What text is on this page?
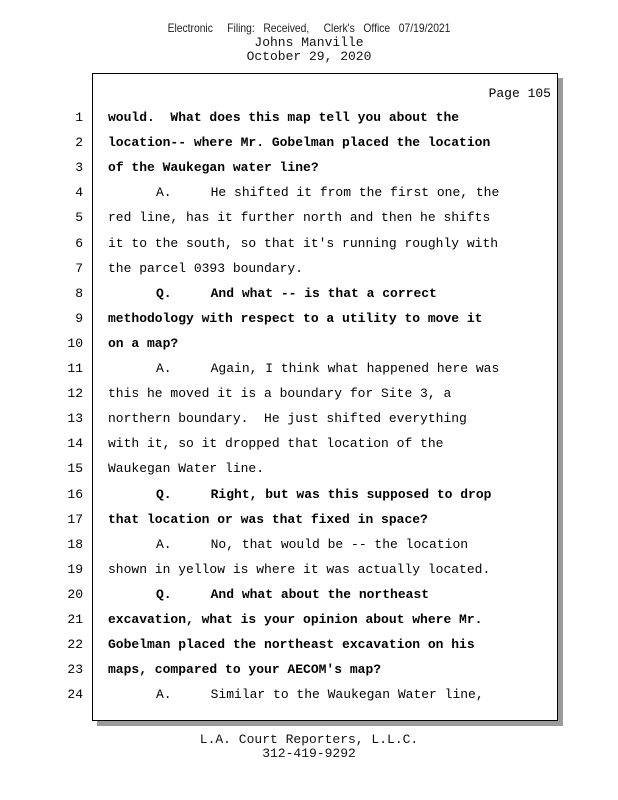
Electronic     Filing:   Received,     Clerk's   Office   07/19/2021
Johns Manville
October 29, 2020
Page 105
1 would.  What does this map tell you about the
2 location-- where Mr. Gobelman placed the location
3 of the Waukegan water line?
4	A.     He shifted it from the first one, the
5 red line, has it further north and then he shifts
6 it to the south, so that it's running roughly with
7 the parcel 0393 boundary.
8	Q.     And what -- is that a correct
9 methodology with respect to a utility to move it
10 on a map?
11	A.     Again, I think what happened here was
12 this he moved it is a boundary for Site 3, a
13 northern boundary.  He just shifted everything
14 with it, so it dropped that location of the
15 Waukegan Water line.
16	Q.     Right, but was this supposed to drop
17 that location or was that fixed in space?
18	A.     No, that would be -- the location
19 shown in yellow is where it was actually located.
20	Q.     And what about the northeast
21 excavation, what is your opinion about where Mr.
22 Gobelman placed the northeast excavation on his
23 maps, compared to your AECOM's map?
24	A.     Similar to the Waukegan Water line,
L.A. Court Reporters, L.L.C.
312-419-9292
